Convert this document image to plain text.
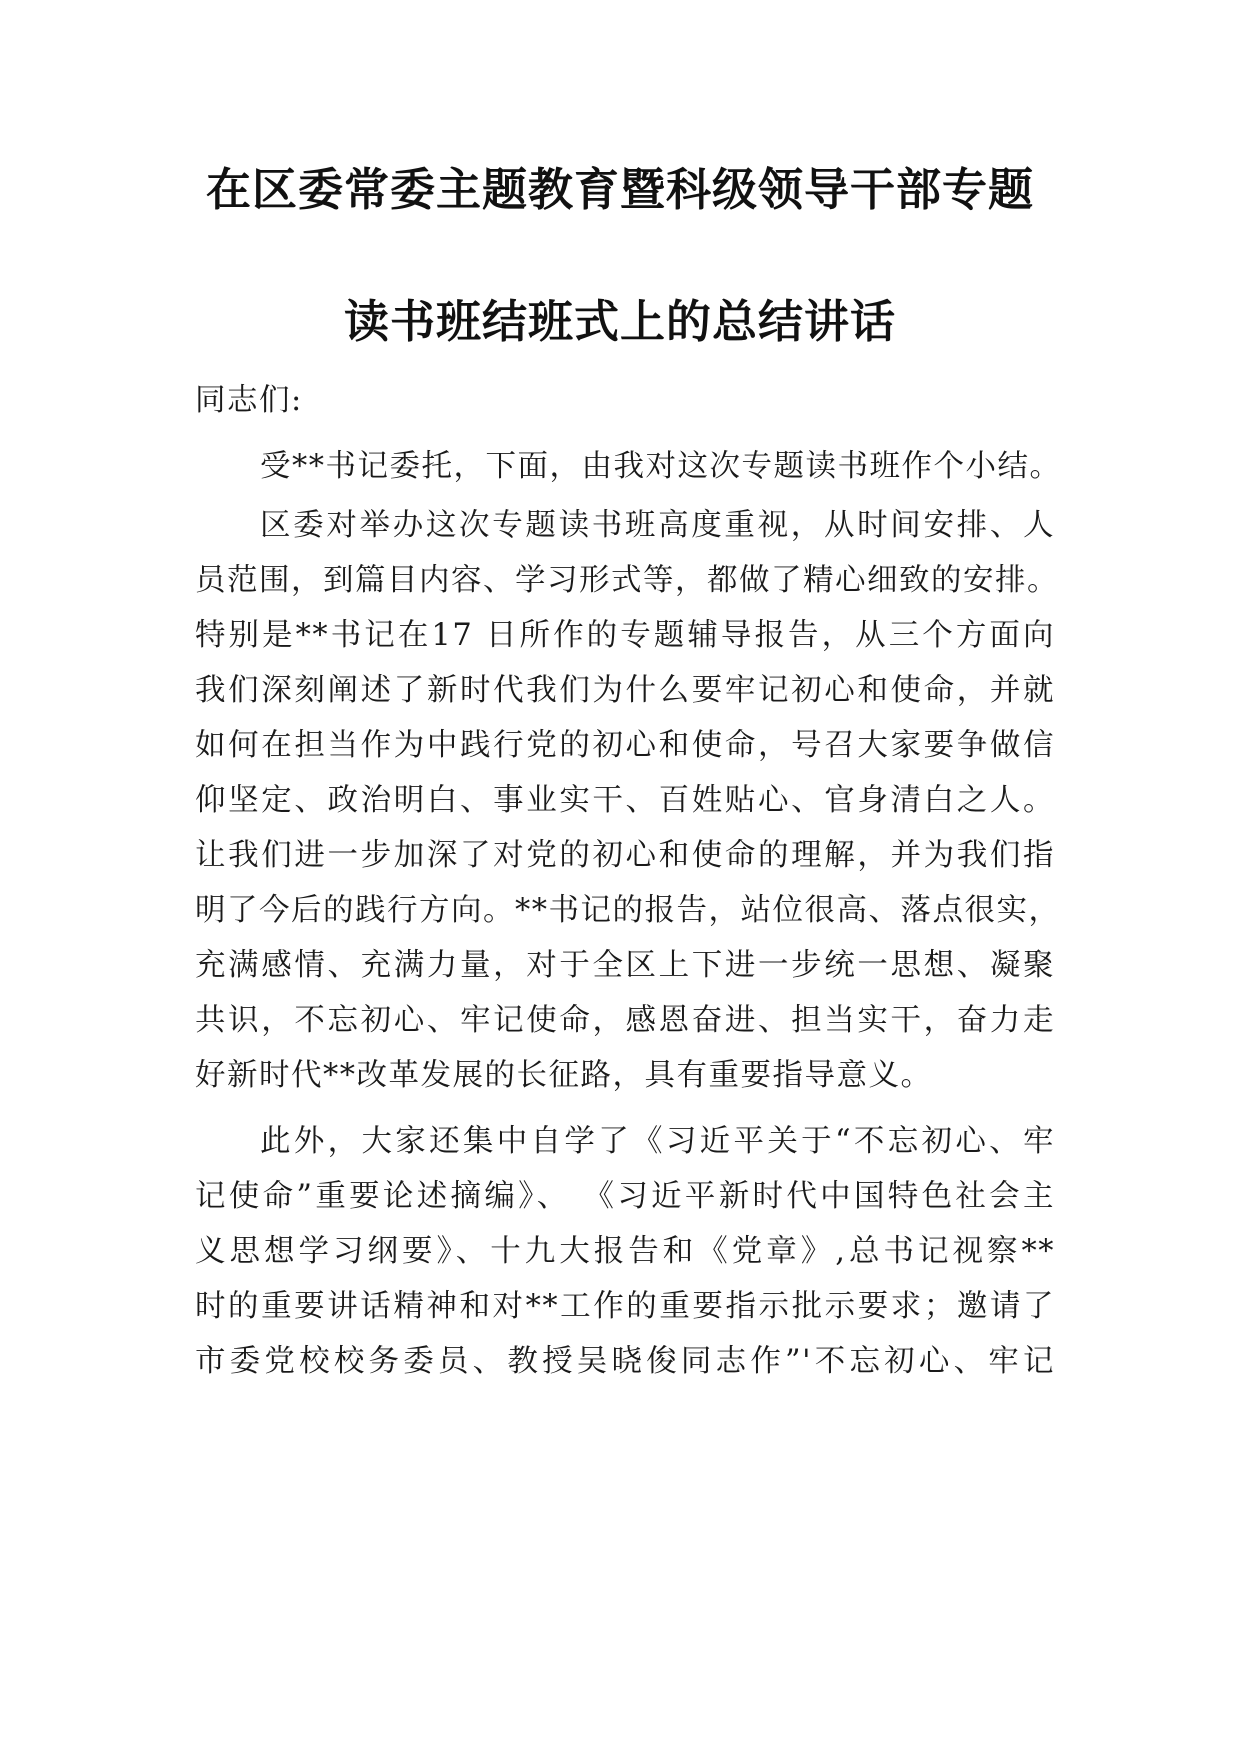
在区委常委主题教育暨科级领导干部专题
读书班结班式上的总结讲话
同志们:
受**书记委托，下面，由我对这次专题读书班作个小结。
区委对举办这次专题读书班高度重视，从时间安排、人
员范围，到篇目内容、学习形式等，都做了精心细致的安排。
特别是**书记在17 日所作的专题辅导报告，从三个方面向
我们深刻阐述了新时代我们为什么要牢记初心和使命，并就
如何在担当作为中践行党的初心和使命，号召大家要争做信
仰坚定、政治明白、事业实干、百姓贴心、官身清白之人。
让我们进一步加深了对党的初心和使命的理解，并为我们指
明了今后的践行方向。**书记的报告，站位很高、落点很实，
充满感情、充满力量，对于全区上下进一步统一思想、凝聚
共识，不忘初心、牢记使命，感恩奋进、担当实干，奋力走
好新时代**改革发展的长征路，具有重要指导意义。
此外，大家还集中自学了《习近平关于“不忘初心、牢
记使命”重要论述摘编》、 《习近平新时代中国特色社会主
义思想学习纲要》、十九大报告和《党章》,总书记视察**
时的重要讲话精神和对**工作的重要指示批示要求；邀请了
市委党校校务委员、教授吴晓俊同志作”'不忘初心、牢记
